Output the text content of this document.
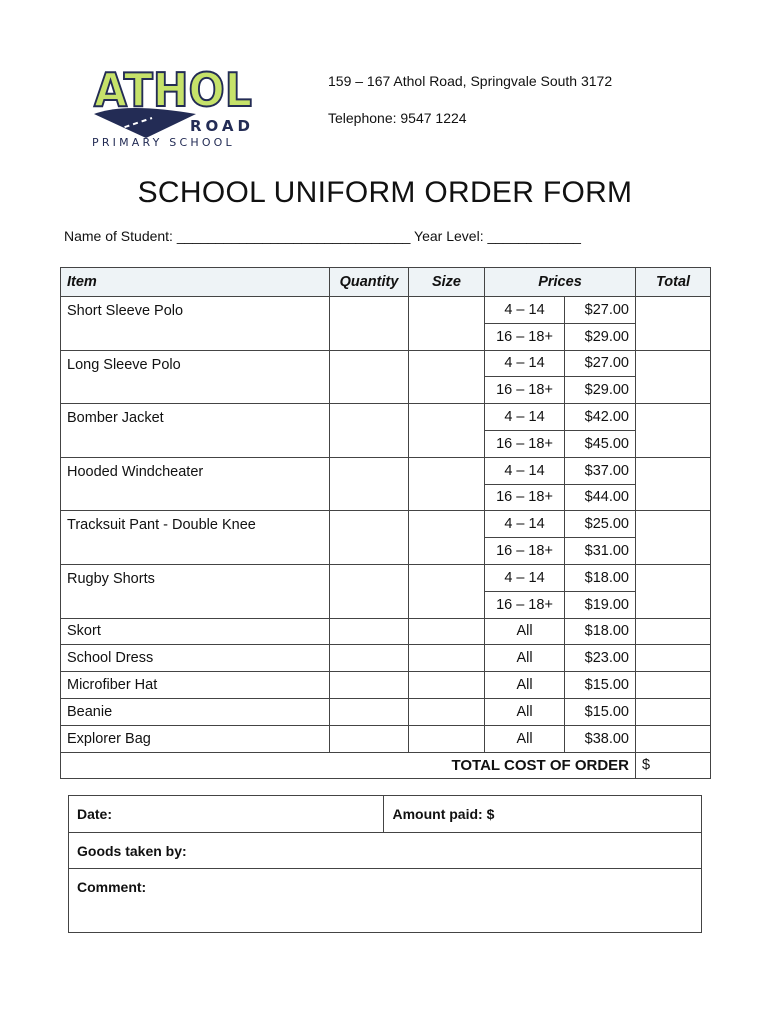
ATHOL
ROAD
PRIMARY SCHOOL
159 – 167 Athol Road, Springvale South 3172
Telephone: 9547 1224
SCHOOL UNIFORM ORDER FORM
Name of Student: ______________________________ Year Level: ____________
Item	Quantity	Size	Prices		Total
Short Sleeve Polo			4 – 14	$27.00	
			16 – 18+	$29.00	
Long Sleeve Polo			4 – 14	$27.00	
			16 – 18+	$29.00	
Bomber Jacket			4 – 14	$42.00	
			16 – 18+	$45.00	
Hooded Windcheater			4 – 14	$37.00	
			16 – 18+	$44.00	
Tracksuit Pant - Double Knee			4 – 14	$25.00	
			16 – 18+	$31.00	
Rugby Shorts			4 – 14	$18.00	
			16 – 18+	$19.00	
Skort			All	$18.00	
School Dress			All	$23.00	
Microfiber Hat			All	$15.00	
Beanie			All	$15.00	
Explorer Bag			All	$38.00	
TOTAL COST OF ORDER					$
Date:	Amount paid: $
Goods taken by:
Comment:
